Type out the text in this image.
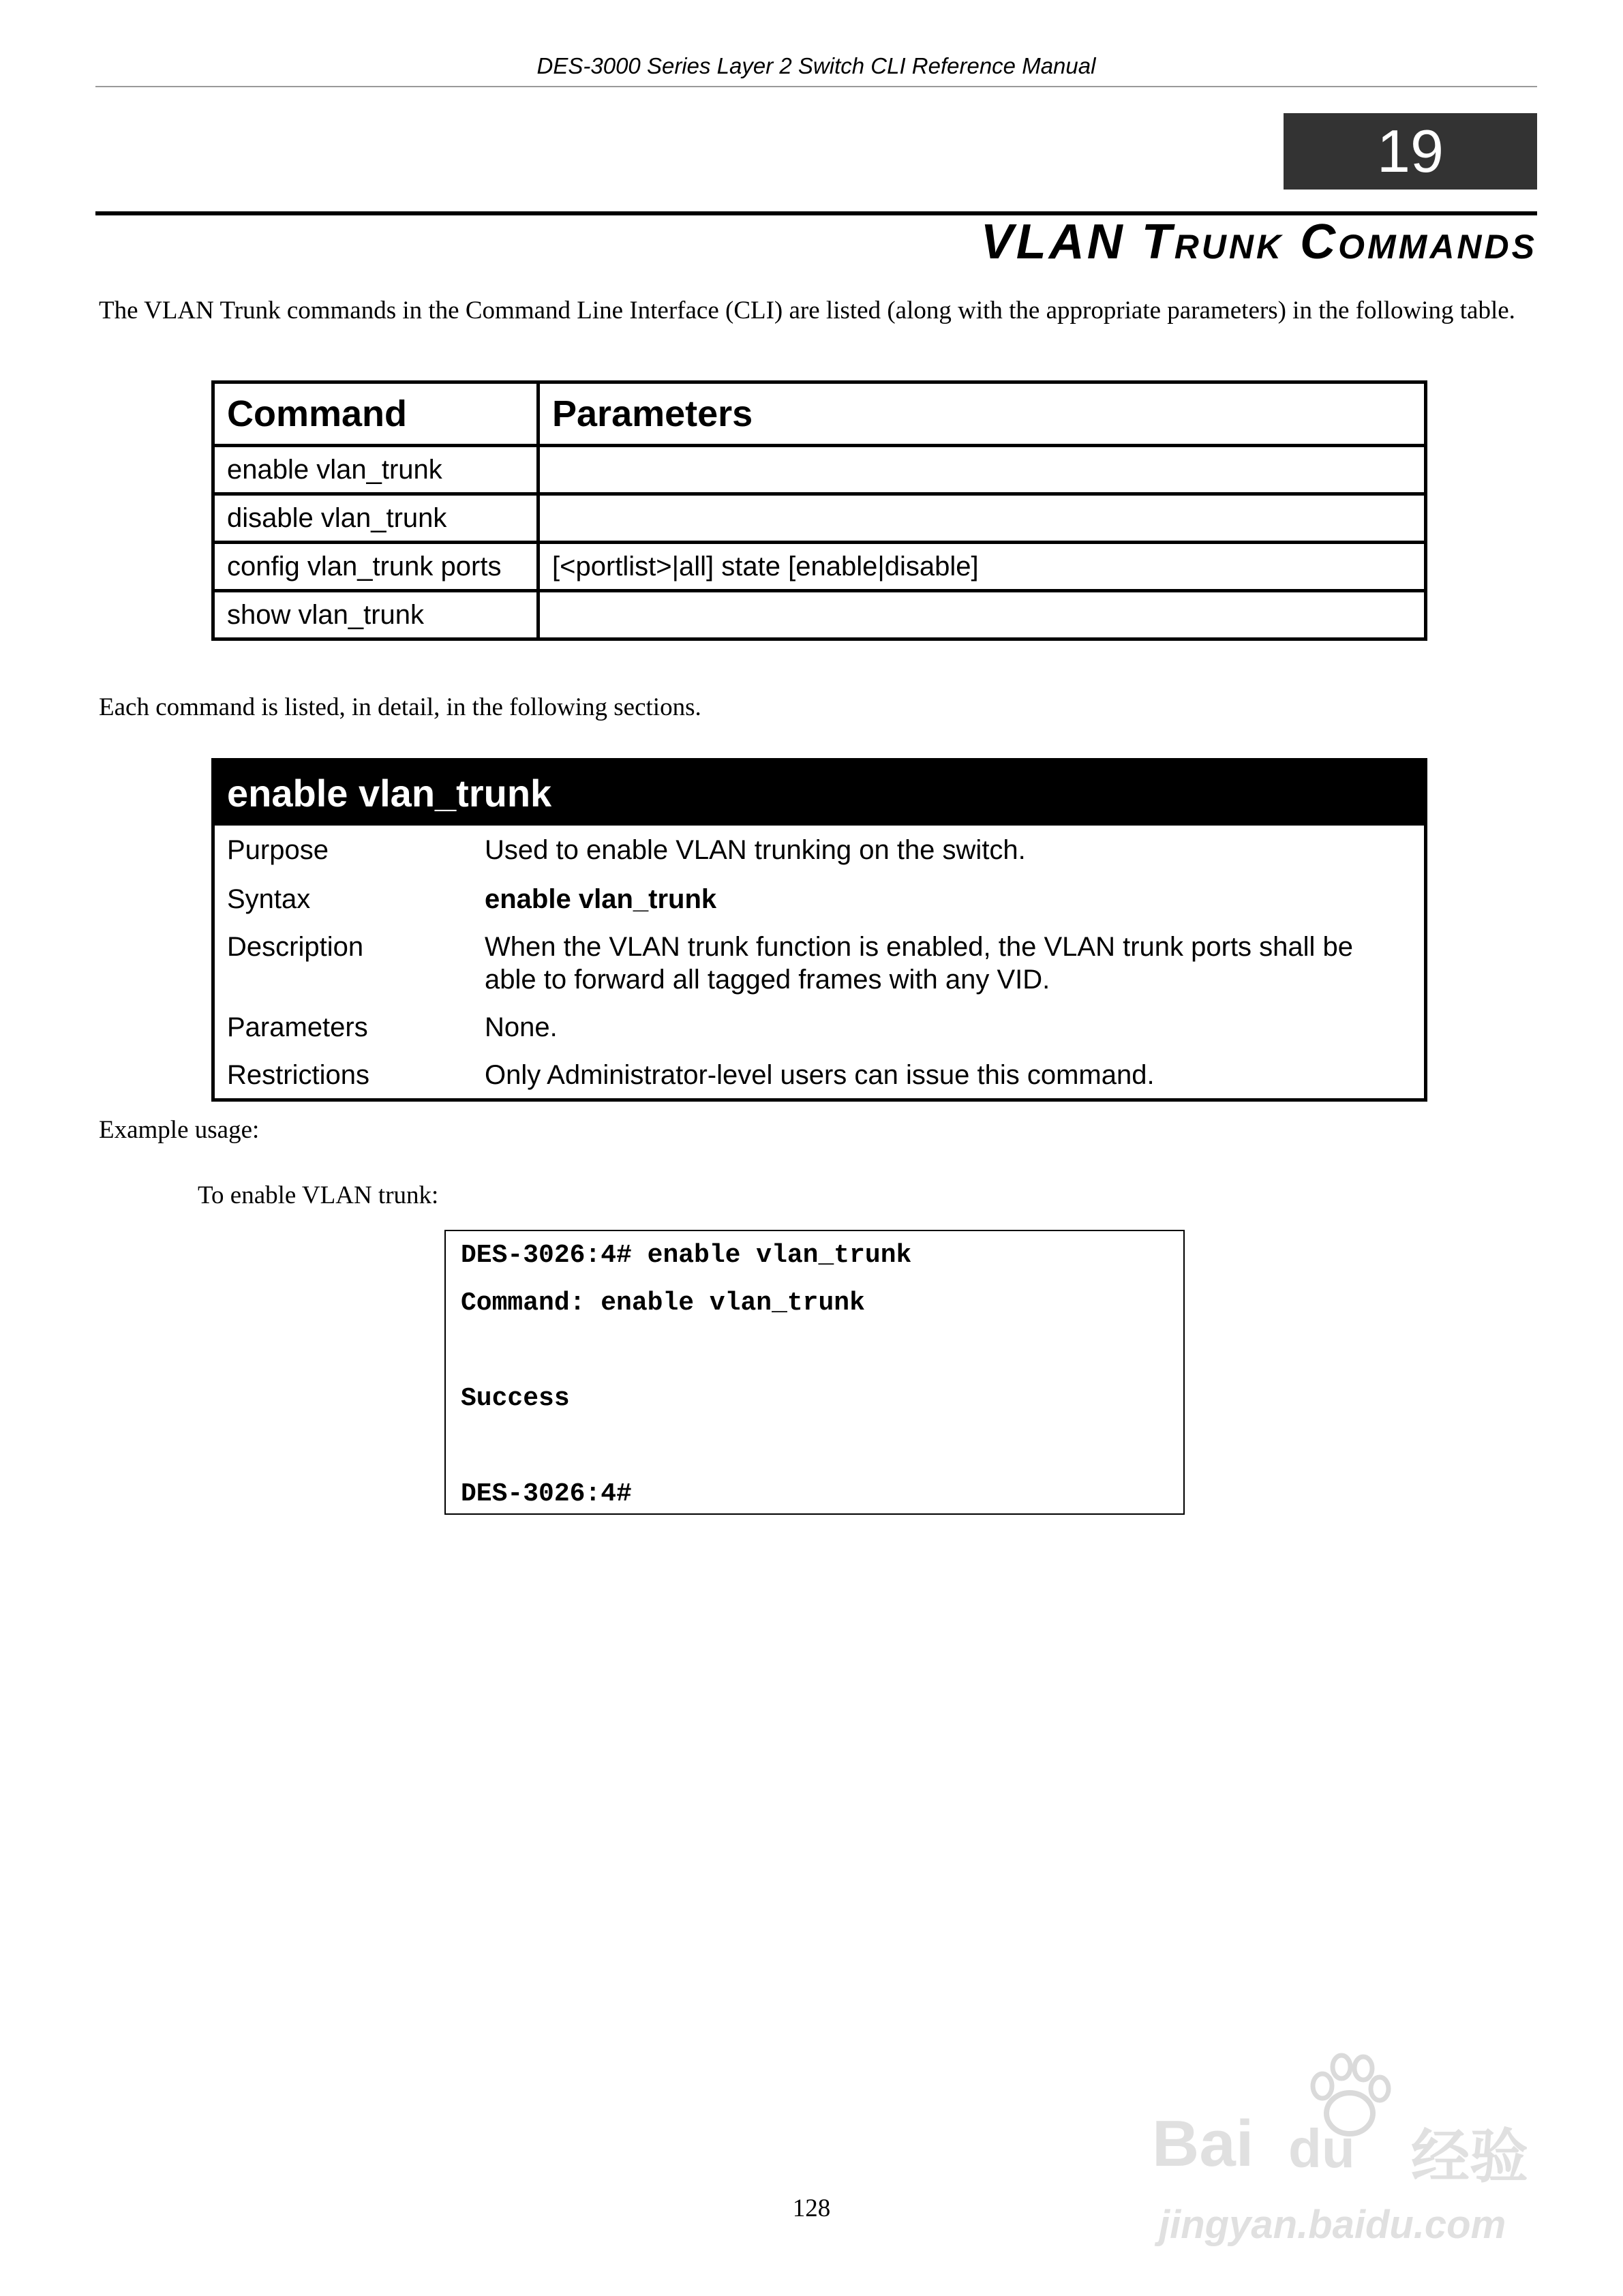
DES-3000 Series Layer 2 Switch CLI Reference Manual
19
VLAN Trunk Commands
The VLAN Trunk commands in the Command Line Interface (CLI) are listed (along with the appropriate parameters) in the following table.
Command	Parameters
enable vlan_trunk	
disable vlan_trunk	
config vlan_trunk ports	[<portlist>|all] state [enable|disable]
show vlan_trunk	
Each command is listed, in detail, in the following sections.
enable vlan_trunk
Purpose	Used to enable VLAN trunking on the switch.
Syntax	enable vlan_trunk
Description	When the VLAN trunk function is enabled, the VLAN trunk ports shall be able to forward all tagged frames with any VID.
Parameters	None.
Restrictions	Only Administrator-level users can issue this command.
Example usage:
To enable VLAN trunk:
DES-3026:4# enable vlan_trunk
Command: enable vlan_trunk
Success
DES-3026:4#
128
Bai du 经验
jingyan.baidu.com
